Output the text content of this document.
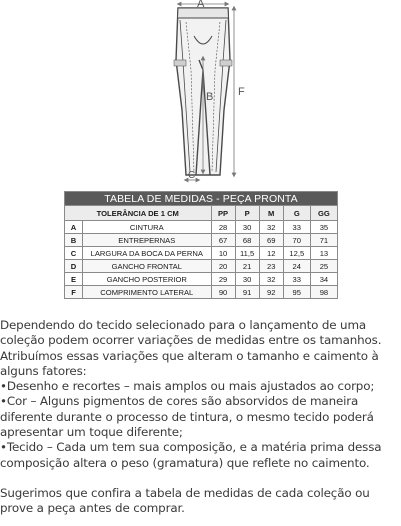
A
B F
C
TABELA DE MEDIDAS - PEÇA PRONTA						
TOLERÂNCIA DE 1 CM		PP	P	M	G	GG
A	CINTURA	28	30	32	33	35
B	ENTREPERNAS	67	68	69	70	71
C	LARGURA DA BOCA DA PERNA	10	11,5	12	12,5	13
D	GANCHO FRONTAL	20	21	23	24	25
E	GANCHO POSTERIOR	29	30	32	33	34
F	COMPRIMENTO LATERAL	90	91	92	95	98

Dependendo do tecido selecionado para o lançamento de uma coleção podem ocorrer variações de medidas entre os tamanhos.

Atribuímos essas variações que alteram o tamanho e caimento à alguns fatores:

•Desenho e recortes – mais amplos ou mais ajustados ao corpo;

•Cor – Alguns pigmentos de cores são absorvidos de maneira diferente durante o processo de tintura, o mesmo tecido poderá apresentar um toque diferente;

•Tecido – Cada um tem sua composição, e a matéria prima dessa composição altera o peso (gramatura) que reflete no caimento.

Sugerimos que confira a tabela de medidas de cada coleção ou prove a peça antes de comprar.
